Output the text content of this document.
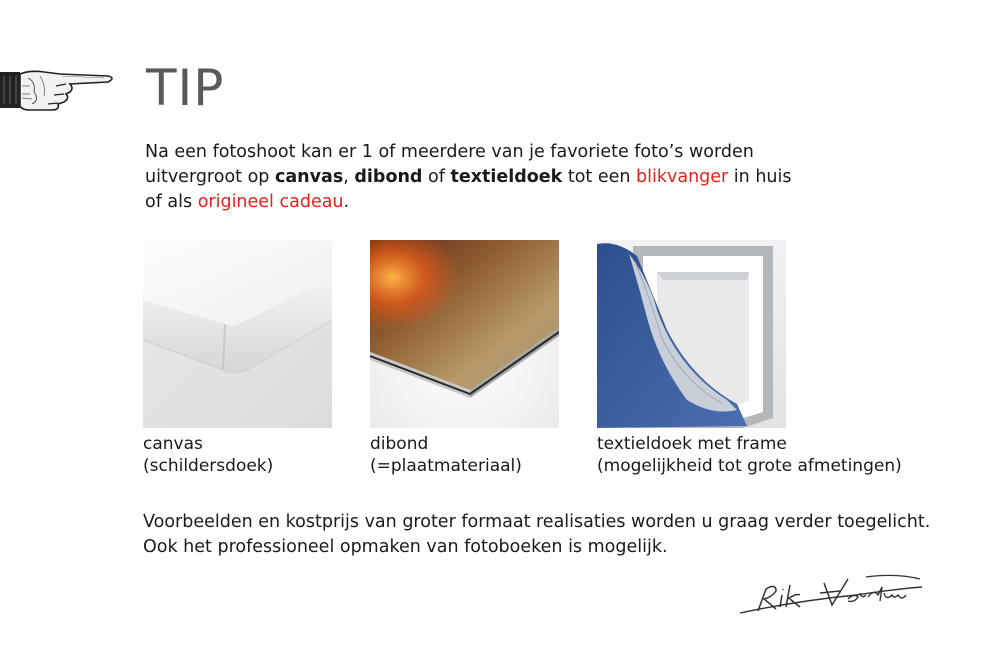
TIP

Na een fotoshoot kan er 1 of meerdere van je favoriete foto’s worden uitvergroot op canvas, dibond of textieldoek tot een blikvanger in huis of als origineel cadeau.

canvas
(schildersdoek)
dibond
(=plaatmateriaal)
textieldoek met frame
(mogelijkheid tot grote afmetingen)

Voorbeelden en kostprijs van groter formaat realisaties worden u graag verder toegelicht.
Ook het professioneel opmaken van fotoboeken is mogelijk.
